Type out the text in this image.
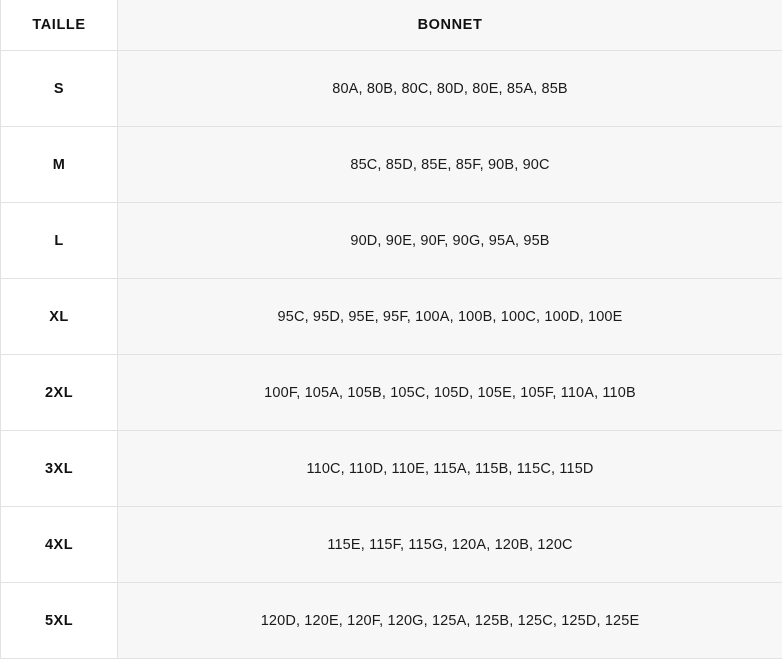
TAILLE	BONNET
S	80A, 80B, 80C, 80D, 80E, 85A, 85B
M	85C, 85D, 85E, 85F, 90B, 90C
L	90D, 90E, 90F, 90G, 95A, 95B
XL	95C, 95D, 95E, 95F, 100A, 100B, 100C, 100D, 100E
2XL	100F, 105A, 105B, 105C, 105D, 105E, 105F, 110A, 110B
3XL	110C, 110D, 110E, 115A, 115B, 115C, 115D
4XL	115E, 115F, 115G, 120A, 120B, 120C
5XL	120D, 120E, 120F, 120G, 125A, 125B, 125C, 125D, 125E
